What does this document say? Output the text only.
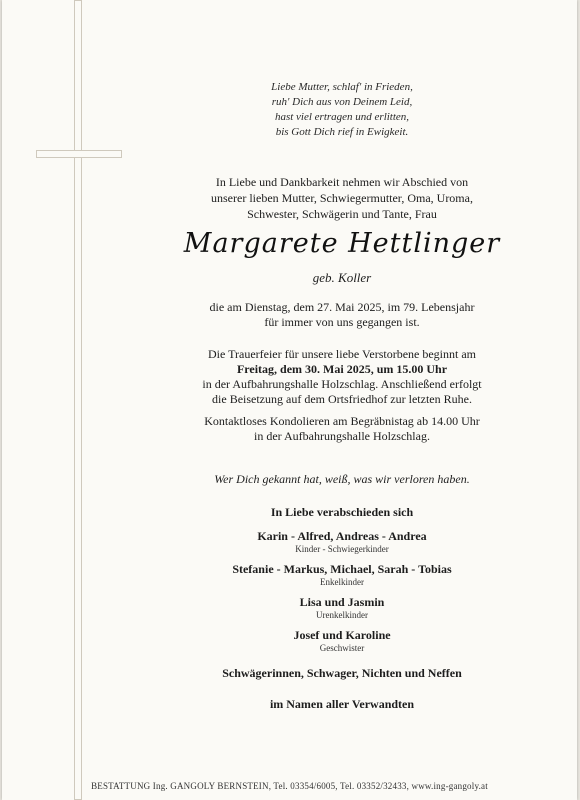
Liebe Mutter, schlaf' in Frieden,
ruh' Dich aus von Deinem Leid,
hast viel ertragen und erlitten,
bis Gott Dich rief in Ewigkeit.
In Liebe und Dankbarkeit nehmen wir Abschied von
unserer lieben Mutter, Schwiegermutter, Oma, Uroma,
Schwester, Schwägerin und Tante, Frau
Margarete Hettlinger
geb. Koller
die am Dienstag, dem 27. Mai 2025, im 79. Lebensjahr
für immer von uns gegangen ist.
Die Trauerfeier für unsere liebe Verstorbene beginnt am
Freitag, dem 30. Mai 2025, um 15.00 Uhr
in der Aufbahrungshalle Holzschlag. Anschließend erfolgt
die Beisetzung auf dem Ortsfriedhof zur letzten Ruhe.
Kontaktloses Kondolieren am Begräbnistag ab 14.00 Uhr
in der Aufbahrungshalle Holzschlag.
Wer Dich gekannt hat, weiß, was wir verloren haben.
In Liebe verabschieden sich
Karin - Alfred, Andreas - Andrea
Kinder - Schwiegerkinder
Stefanie - Markus, Michael, Sarah - Tobias
Enkelkinder
Lisa und Jasmin
Urenkelkinder
Josef und Karoline
Geschwister
Schwägerinnen, Schwager, Nichten und Neffen
im Namen aller Verwandten
BESTATTUNG Ing. GANGOLY BERNSTEIN, Tel. 03354/6005, Tel. 03352/32433, www.ing-gangoly.at
